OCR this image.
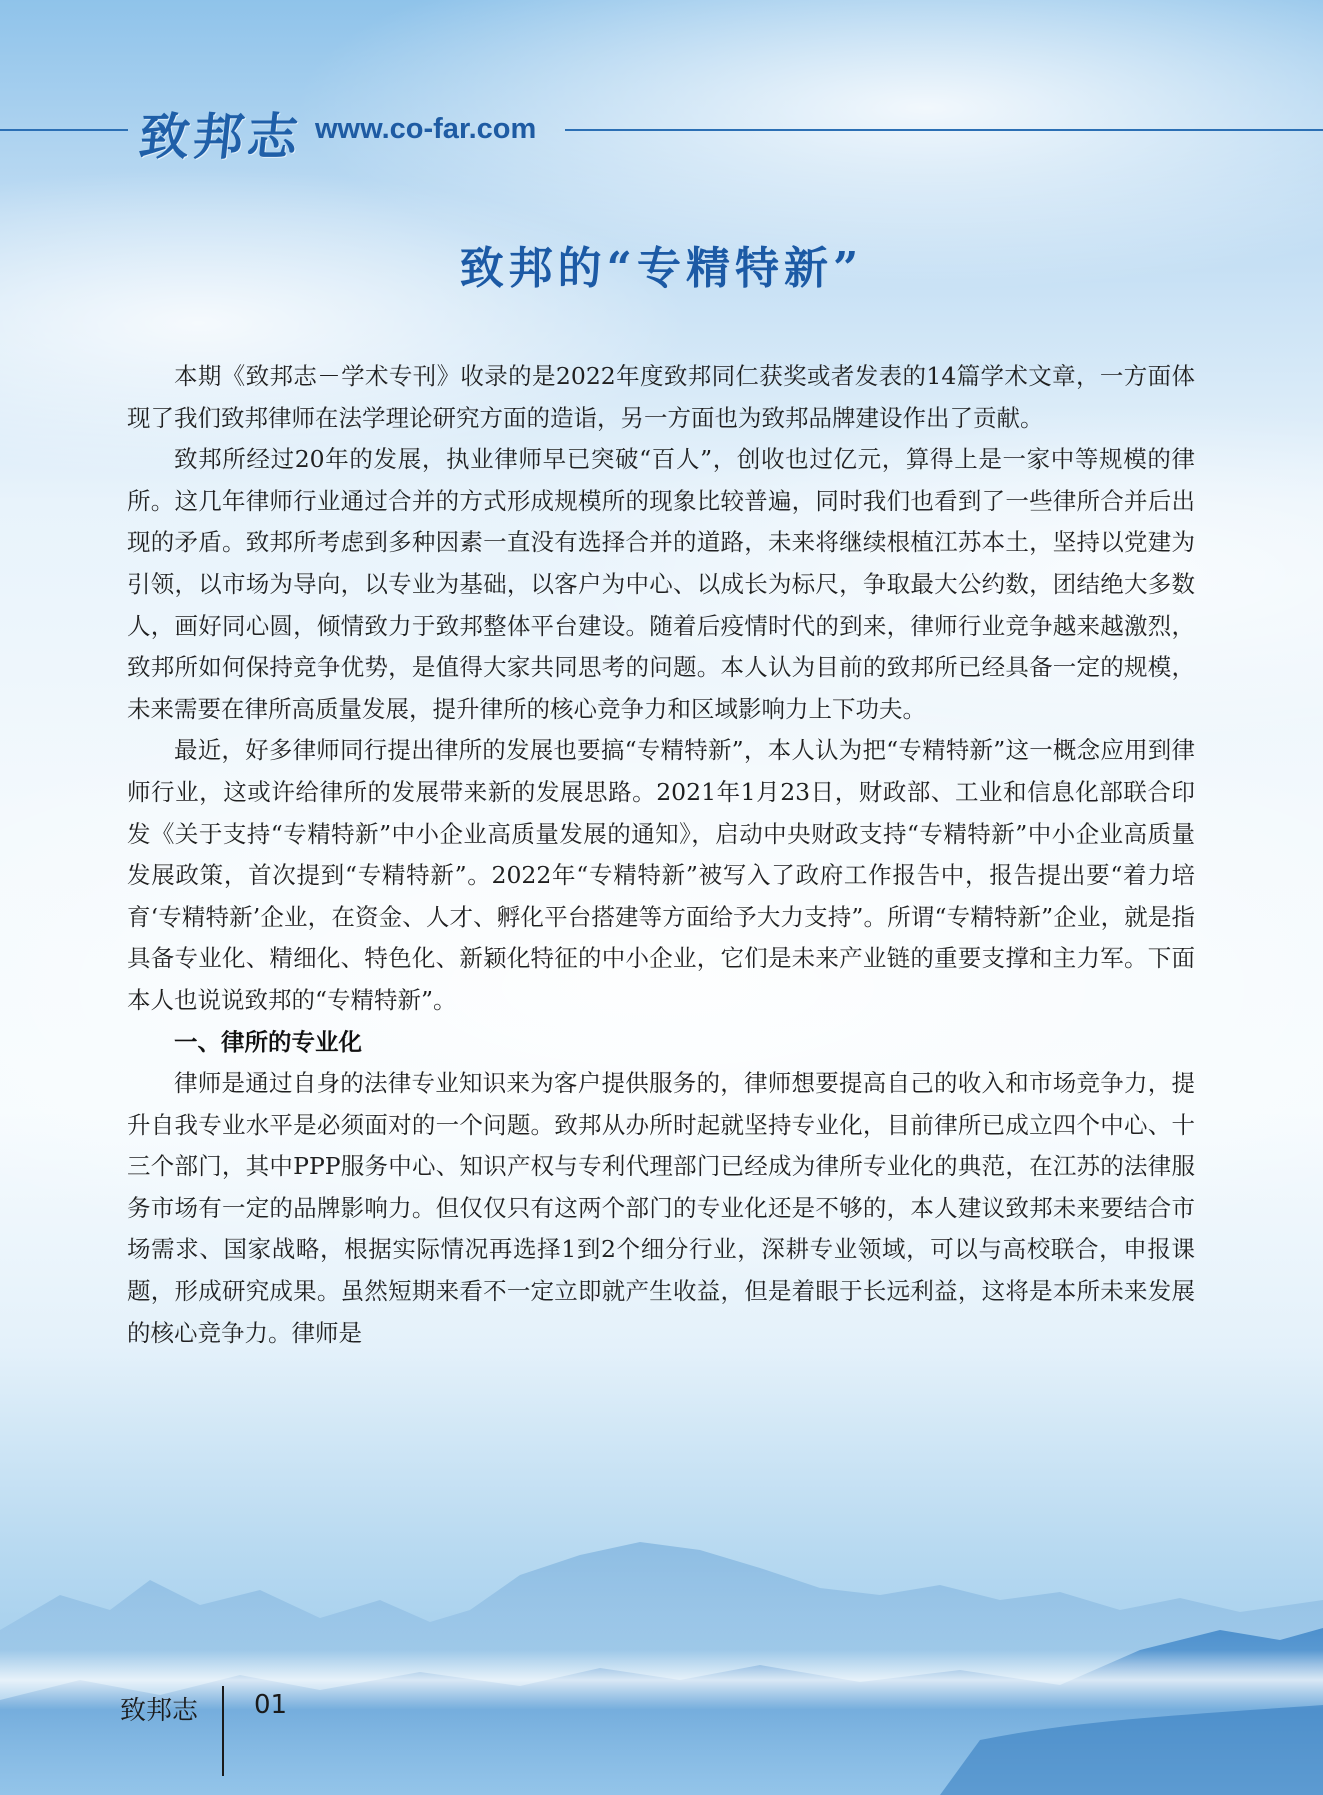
致邦志 www.co-far.com
致邦的“专精特新”

本期《致邦志－学术专刊》收录的是2022年度致邦同仁获奖或者发表的14篇学术文章，一方面体现了我们致邦律师在法学理论研究方面的造诣，另一方面也为致邦品牌建设作出了贡献。

致邦所经过20年的发展，执业律师早已突破“百人”，创收也过亿元，算得上是一家中等规模的律所。这几年律师行业通过合并的方式形成规模所的现象比较普遍，同时我们也看到了一些律所合并后出现的矛盾。致邦所考虑到多种因素一直没有选择合并的道路，未来将继续根植江苏本土，坚持以党建为引领，以市场为导向，以专业为基础，以客户为中心、以成长为标尺，争取最大公约数，团结绝大多数人，画好同心圆，倾情致力于致邦整体平台建设。随着后疫情时代的到来，律师行业竞争越来越激烈，致邦所如何保持竞争优势，是值得大家共同思考的问题。本人认为目前的致邦所已经具备一定的规模，未来需要在律所高质量发展，提升律所的核心竞争力和区域影响力上下功夫。

最近，好多律师同行提出律所的发展也要搞“专精特新”，本人认为把“专精特新”这一概念应用到律师行业，这或许给律所的发展带来新的发展思路。2021年1月23日，财政部、工业和信息化部联合印发《关于支持“专精特新”中小企业高质量发展的通知》，启动中央财政支持“专精特新”中小企业高质量发展政策，首次提到“专精特新”。2022年“专精特新”被写入了政府工作报告中，报告提出要“着力培育‘专精特新’企业，在资金、人才、孵化平台搭建等方面给予大力支持”。所谓“专精特新”企业，就是指具备专业化、精细化、特色化、新颖化特征的中小企业，它们是未来产业链的重要支撑和主力军。下面本人也说说致邦的“专精特新”。

一、律所的专业化

律师是通过自身的法律专业知识来为客户提供服务的，律师想要提高自己的收入和市场竞争力，提升自我专业水平是必须面对的一个问题。致邦从办所时起就坚持专业化，目前律所已成立四个中心、十三个部门，其中PPP服务中心、知识产权与专利代理部门已经成为律所专业化的典范，在江苏的法律服务市场有一定的品牌影响力。但仅仅只有这两个部门的专业化还是不够的，本人建议致邦未来要结合市场需求、国家战略，根据实际情况再选择1到2个细分行业，深耕专业领域，可以与高校联合，申报课题，形成研究成果。虽然短期来看不一定立即就产生收益，但是着眼于长远利益，这将是本所未来发展的核心竞争力。律师是

致邦志 01
